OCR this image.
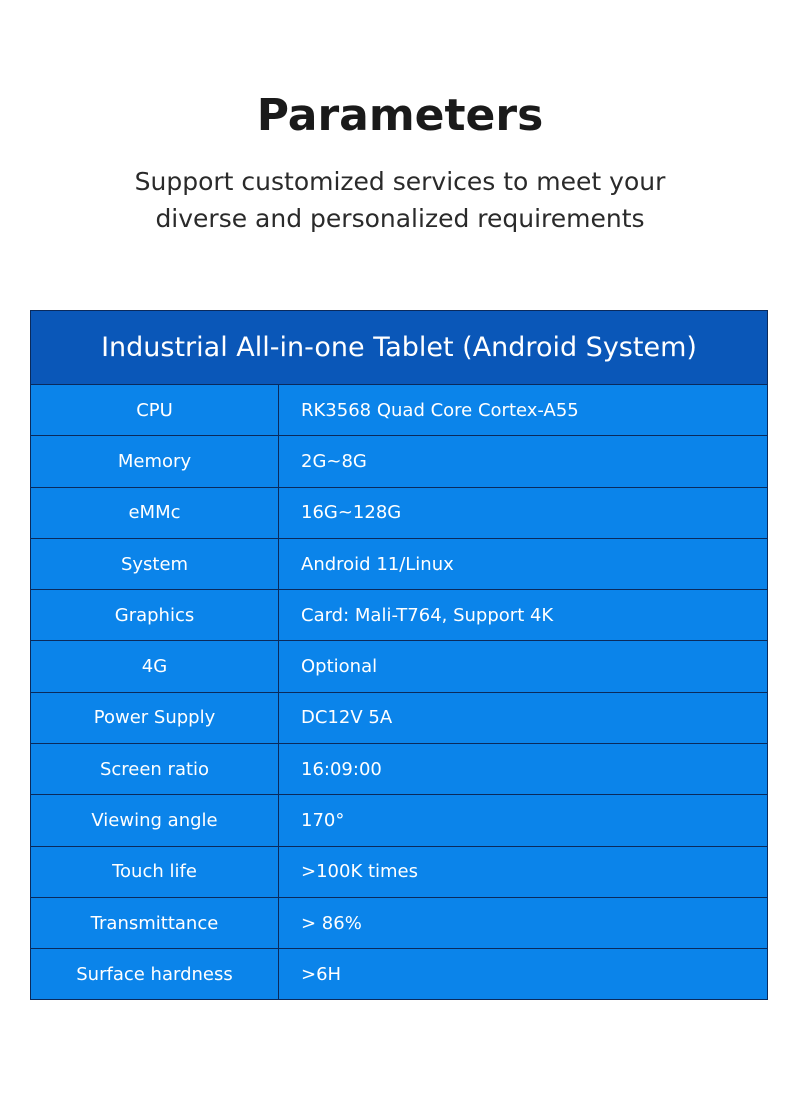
Parameters
Support customized services to meet your
diverse and personalized requirements
Industrial All-in-one Tablet (Android System)
CPU	RK3568 Quad Core Cortex-A55
Memory	2G~8G
eMMc	16G~128G
System	Android 11/Linux
Graphics	Card: Mali-T764, Support 4K
4G	Optional
Power Supply	DC12V 5A
Screen ratio	16:09:00
Viewing angle	170°
Touch life	>100K times
Transmittance	> 86%
Surface hardness	>6H
